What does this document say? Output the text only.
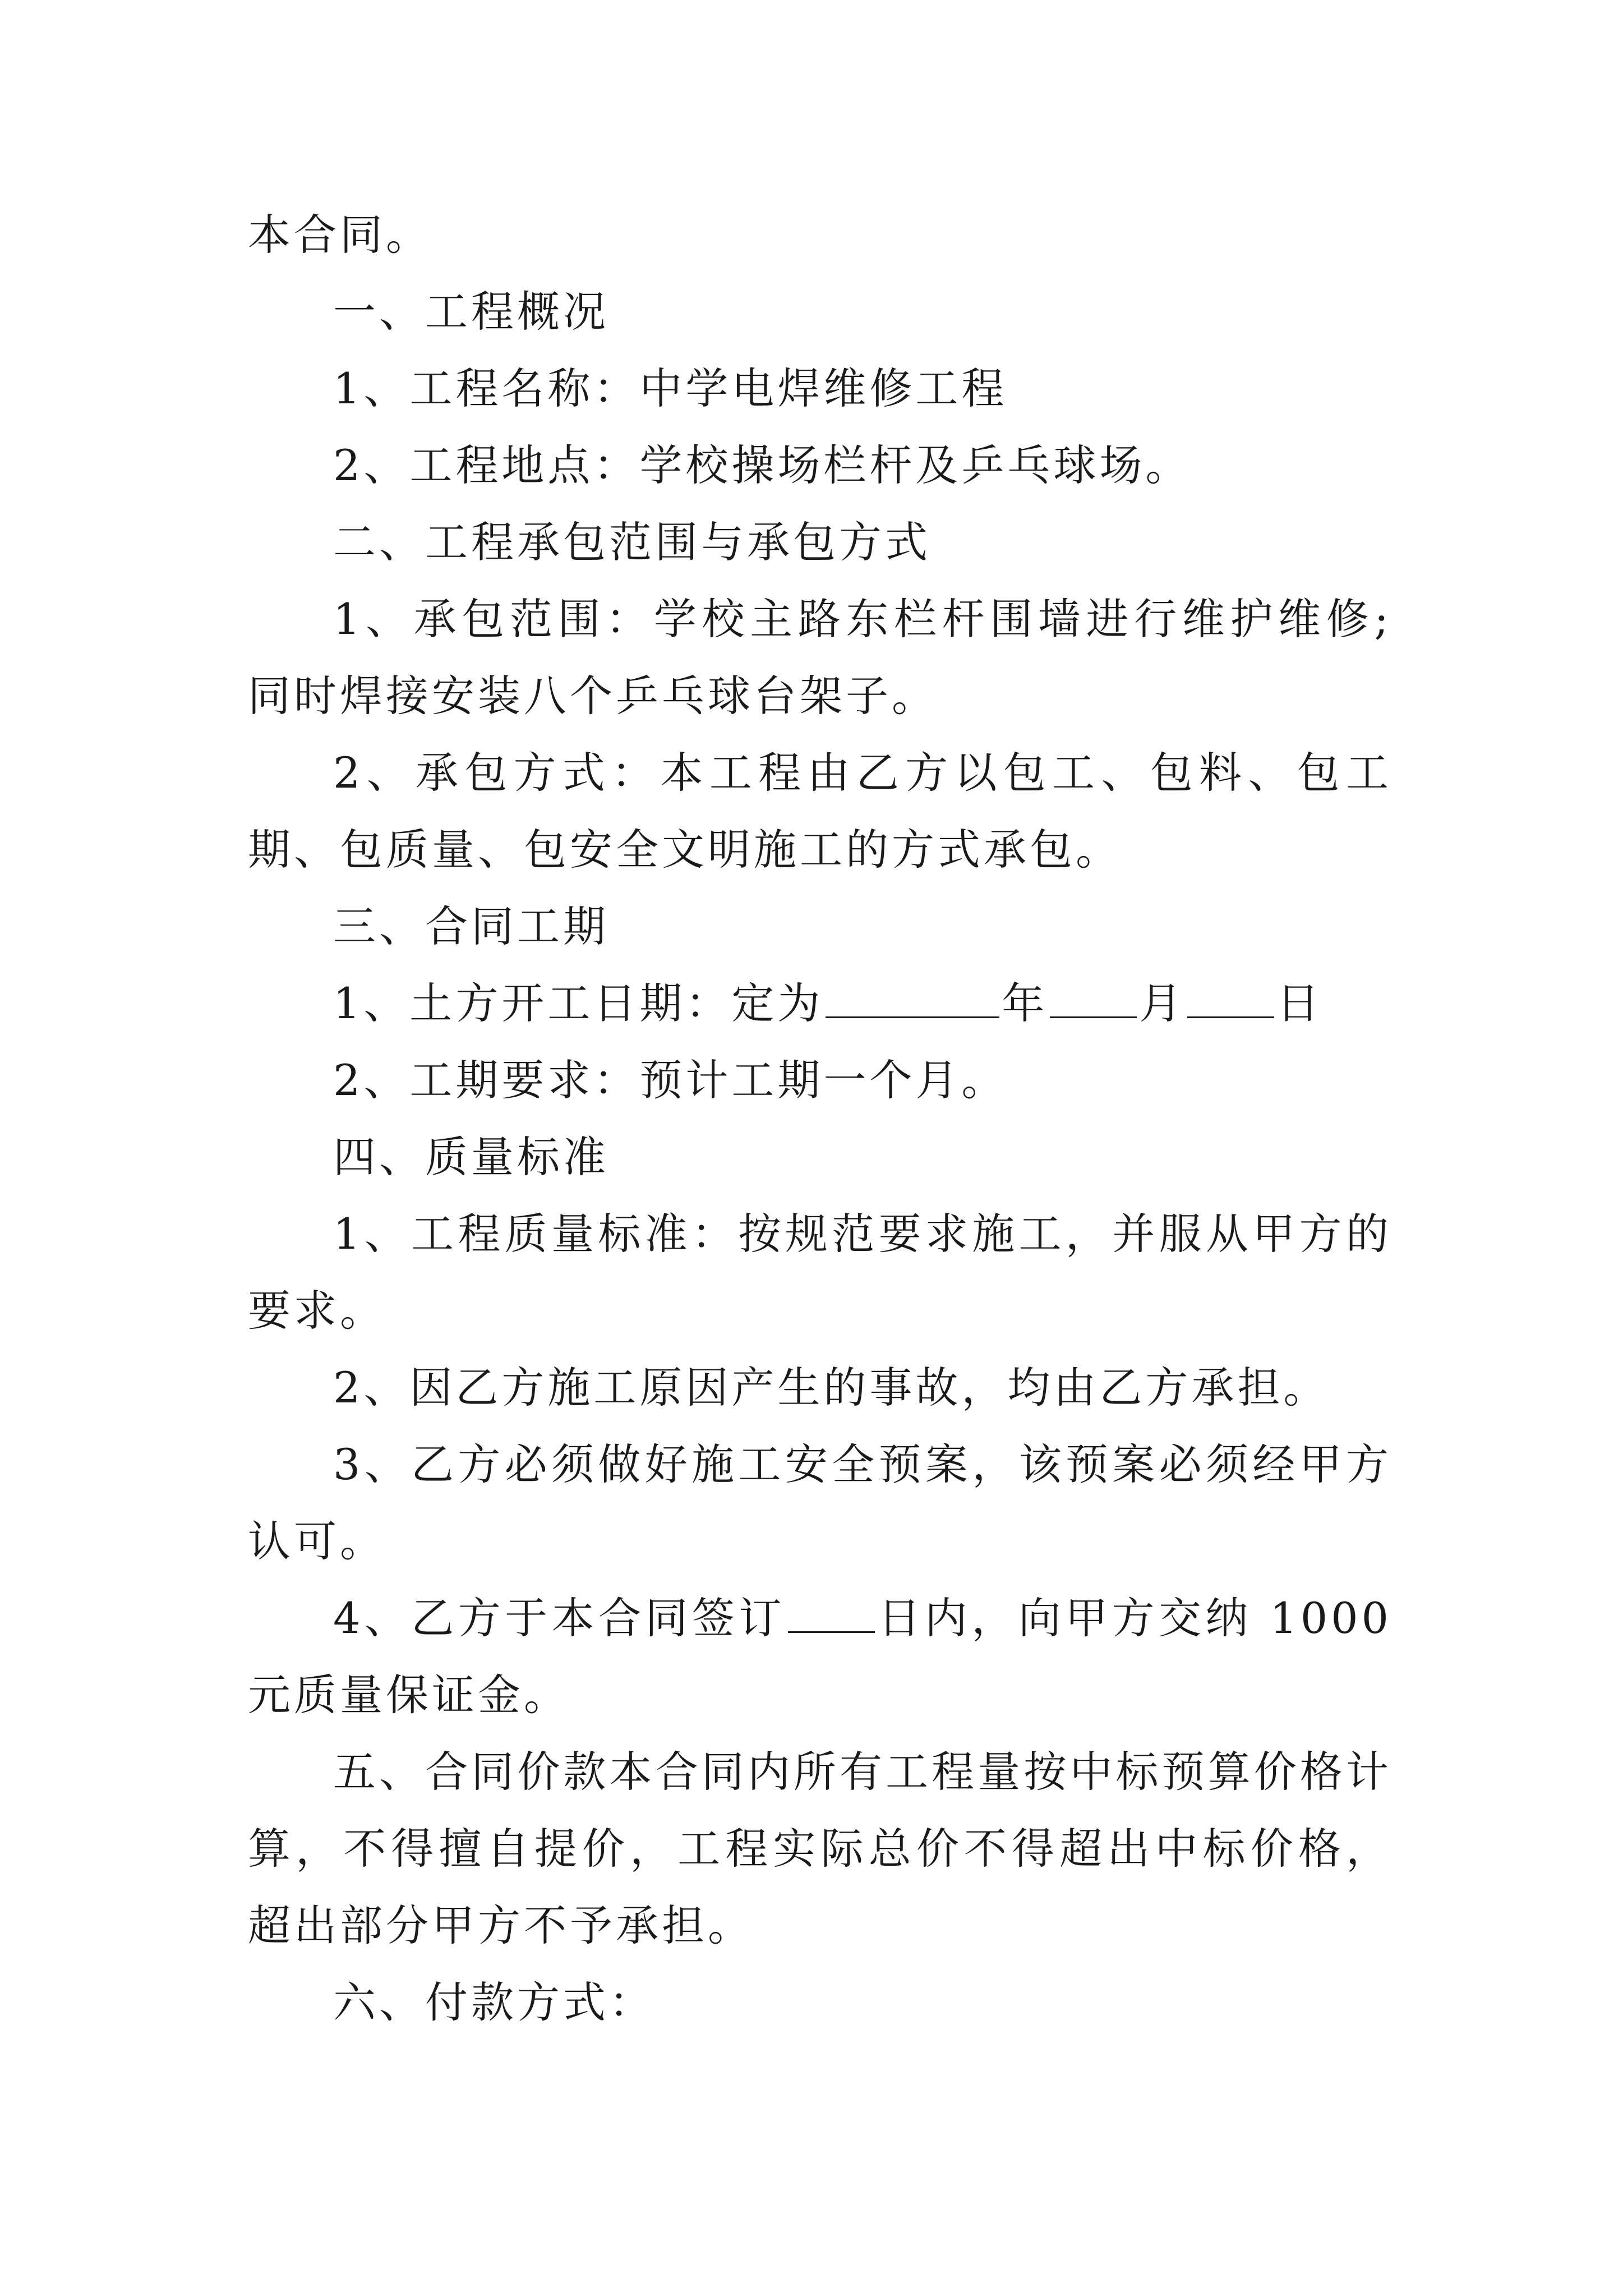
本合同。

一、工程概况

1、工程名称：中学电焊维修工程

2、工程地点：学校操场栏杆及乒乓球场。

二、工程承包范围与承包方式

1、承包范围：学校主路东栏杆围墙进行维护维修;同时焊接安装八个乒乓球台架子。

2、承包方式：本工程由乙方以包工、包料、包工期、包质量、包安全文明施工的方式承包。

三、合同工期

1、土方开工日期：定为	年 月 日

2、工期要求：预计工期一个月。

四、质量标准

1、工程质量标准：按规范要求施工，并服从甲方的要求。

2、因乙方施工原因产生的事故，均由乙方承担。

3、乙方必须做好施工安全预案，该预案必须经甲方认可。

4、乙方于本合同签订 日内，向甲方交纳 1000 元质量保证金。

五、合同价款本合同内所有工程量按中标预算价格计算，不得擅自提价，工程实际总价不得超出中标价格，超出部分甲方不予承担。

六、付款方式：
